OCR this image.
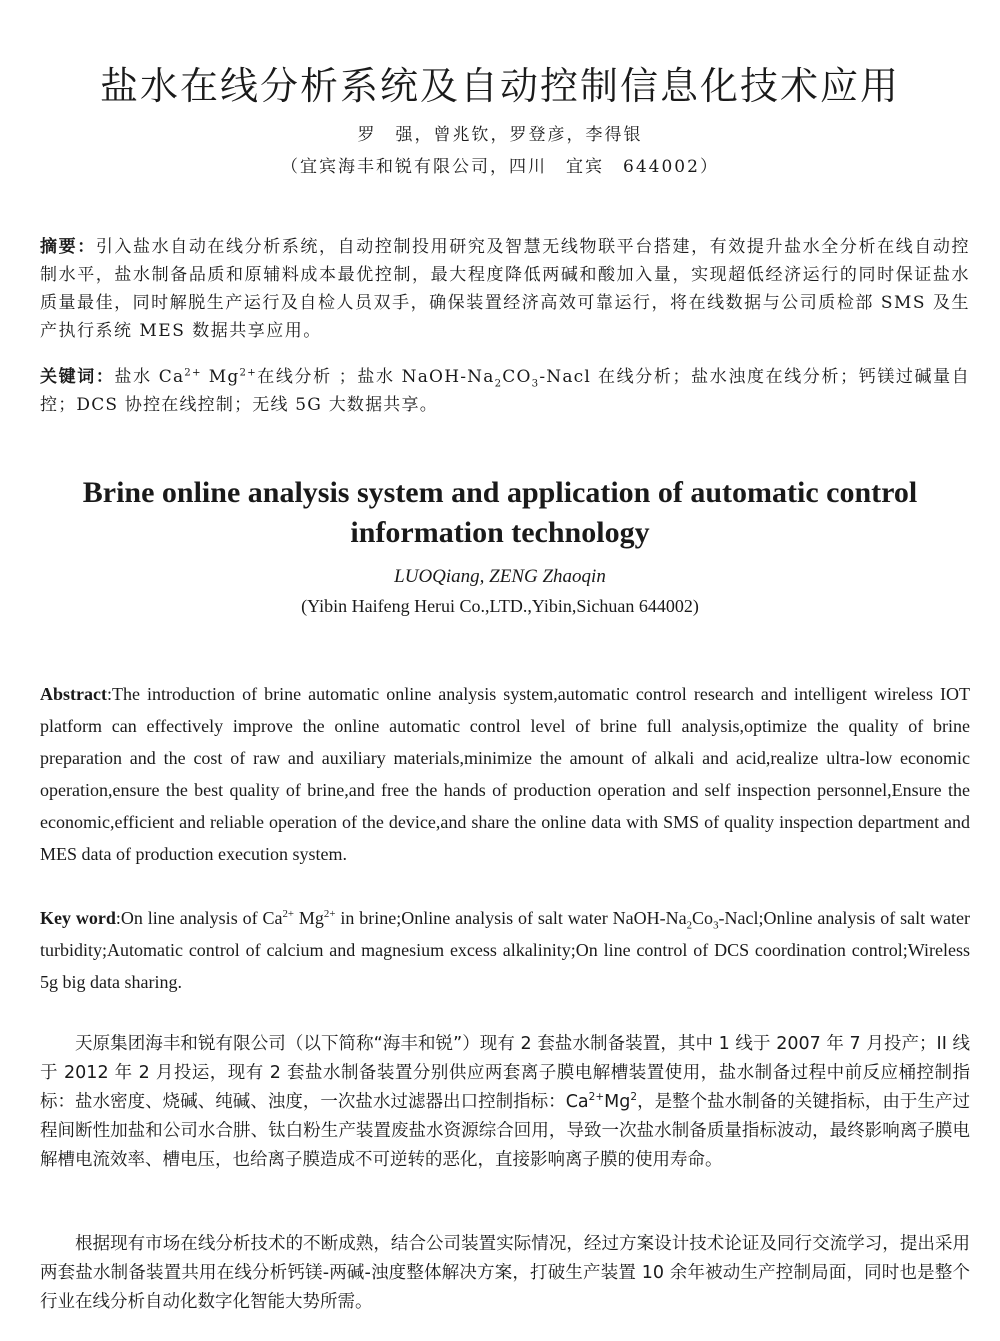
盐水在线分析系统及自动控制信息化技术应用
罗　强，曾兆钦，罗登彦，李得银
（宜宾海丰和锐有限公司，四川　宜宾　644002）

摘要：引入盐水自动在线分析系统，自动控制投用研究及智慧无线物联平台搭建，有效提升盐水全分析在线自动控制水平，盐水制备品质和原辅料成本最优控制，最大程度降低两碱和酸加入量，实现超低经济运行的同时保证盐水质量最佳，同时解脱生产运行及自检人员双手，确保装置经济高效可靠运行，将在线数据与公司质检部 SMS 及生产执行系统 MES 数据共享应用。

关键词：盐水 $Ca^{2+}$ $Mg^{2+}$在线分析 ；盐水 NaOH-$Na_2CO_3$-Nacl 在线分析；盐水浊度在线分析；钙镁过碱量自控；DCS 协控在线控制；无线 5G 大数据共享。

Brine online analysis system and application of automatic control information technology
LUOQiang, ZENG Zhaoqin
(Yibin Haifeng Herui Co.,LTD.,Yibin,Sichuan 644002)

Abstract:The introduction of brine automatic online analysis system,automatic control research and intelligent wireless IOT platform can effectively improve the online automatic control level of brine full analysis,optimize the quality of brine preparation and the cost of raw and auxiliary materials,minimize the amount of alkali and acid,realize ultra-low economic operation,ensure the best quality of brine,and free the hands of production operation and self inspection personnel,Ensure the economic,efficient and reliable operation of the device,and share the online data with SMS of quality inspection department and MES data of production execution system.

Key word:On line analysis of $Ca^{2+}$ $Mg^{2+}$ in brine;Online analysis of salt water NaOH-$Na_2Co_3-Nacl;Online$ analysis of salt water turbidity;Automatic control of calcium and magnesium excess alkalinity;On line control of DCS coordination control;Wireless 5g big data sharing.

天原集团海丰和锐有限公司（以下简称“海丰和锐”）现有 2 套盐水制备装置，其中 1 线于 2007 年 7 月投产；II 线于 2012 年 2 月投运，现有 2 套盐水制备装置分别供应两套离子膜电解槽装置使用，盐水制备过程中前反应桶控制指标：盐水密度、烧碱、纯碱、浊度，一次盐水过滤器出口控制指标：$Ca^{2+}Mg^2$，是整个盐水制备的关键指标，由于生产过程间断性加盐和公司水合肼、钛白粉生产装置废盐水资源综合回用，导致一次盐水制备质量指标波动，最终影响离子膜电解槽电流效率、槽电压，也给离子膜造成不可逆转的恶化，直接影响离子膜的使用寿命。

根据现有市场在线分析技术的不断成熟，结合公司装置实际情况，经过方案设计技术论证及同行交流学习，提出采用两套盐水制备装置共用在线分析钙镁-两碱-浊度整体解决方案，打破生产装置 10 余年被动生产控制局面，同时也是整个行业在线分析自动化数字化智能大势所需。
